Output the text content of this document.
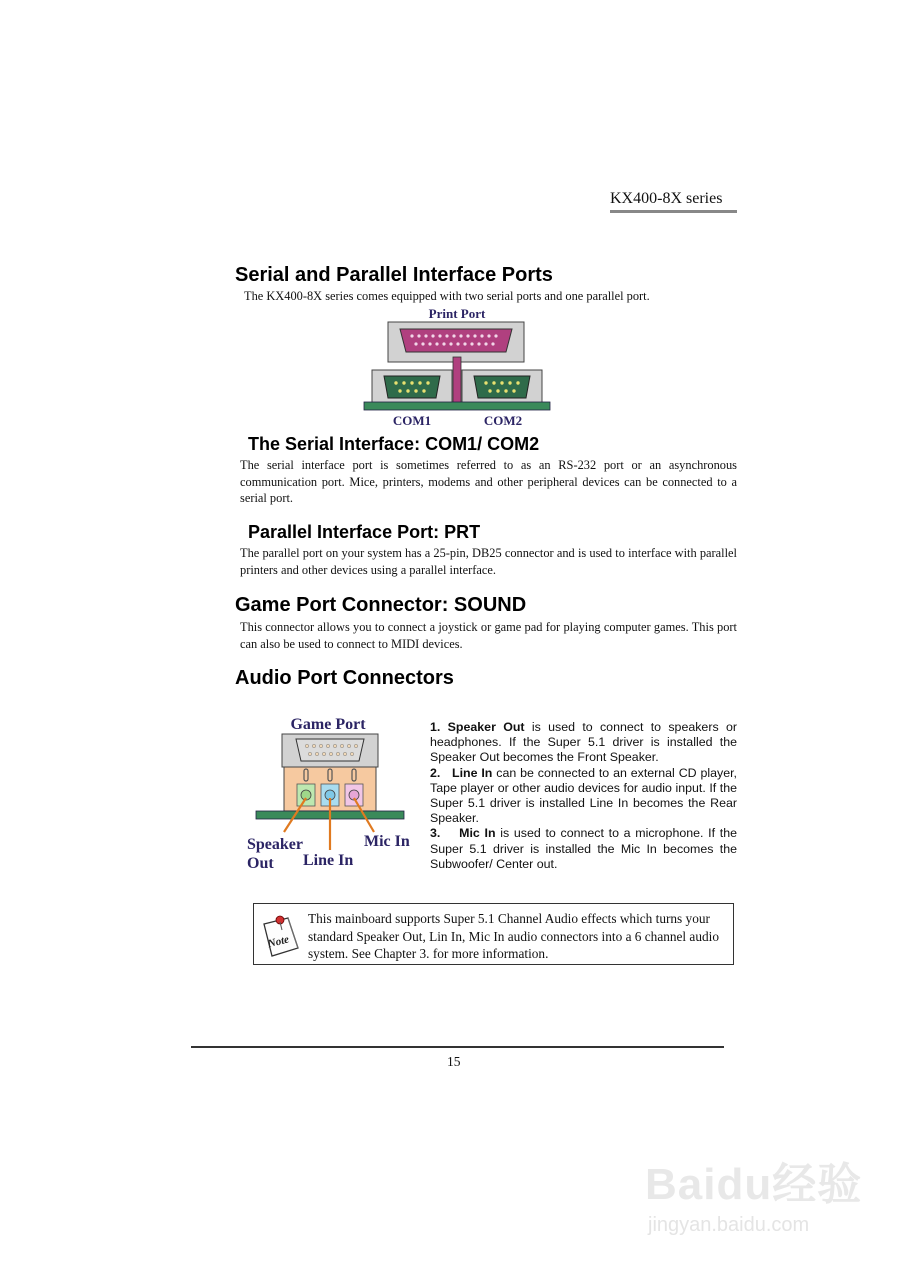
KX400-8X series
Serial and Parallel Interface Ports

The KX400-8X series comes equipped with two serial ports and one parallel port.

Print Port
COM1	COM2
The Serial Interface: COM1/ COM2

The serial interface port is sometimes referred to as an RS-232 port or an asynchronous communication port. Mice, printers, modems and other peripheral devices can be connected to a serial port.

Parallel Interface Port: PRT

The parallel port on your system has a 25-pin, DB25 connector and is used to interface with parallel printers and other devices using a parallel interface.

Game Port Connector: SOUND

This connector allows you to connect a joystick or game pad for playing computer games. This port can also be used to connect to MIDI devices.

Audio Port Connectors
Game Port
Speaker
Out Line In
Mic In
1. Speaker Out is used to connect to speakers or headphones. If the Super 5.1 driver is installed the Speaker Out becomes the Front Speaker.
2. Line In can be connected to an external CD player, Tape player or other audio devices for audio input. If the Super 5.1 driver is installed Line In becomes the Rear Speaker.
3. Mic In is used to connect to a microphone. If the Super 5.1 driver is installed the Mic In becomes the Subwoofer/ Center out.
Note

This mainboard supports Super 5.1 Channel Audio effects which turns your standard Speaker Out, Lin In, Mic In audio connectors into a 6 channel audio system. See Chapter 3. for more information.

15
Baidu经验
jingyan.baidu.com
